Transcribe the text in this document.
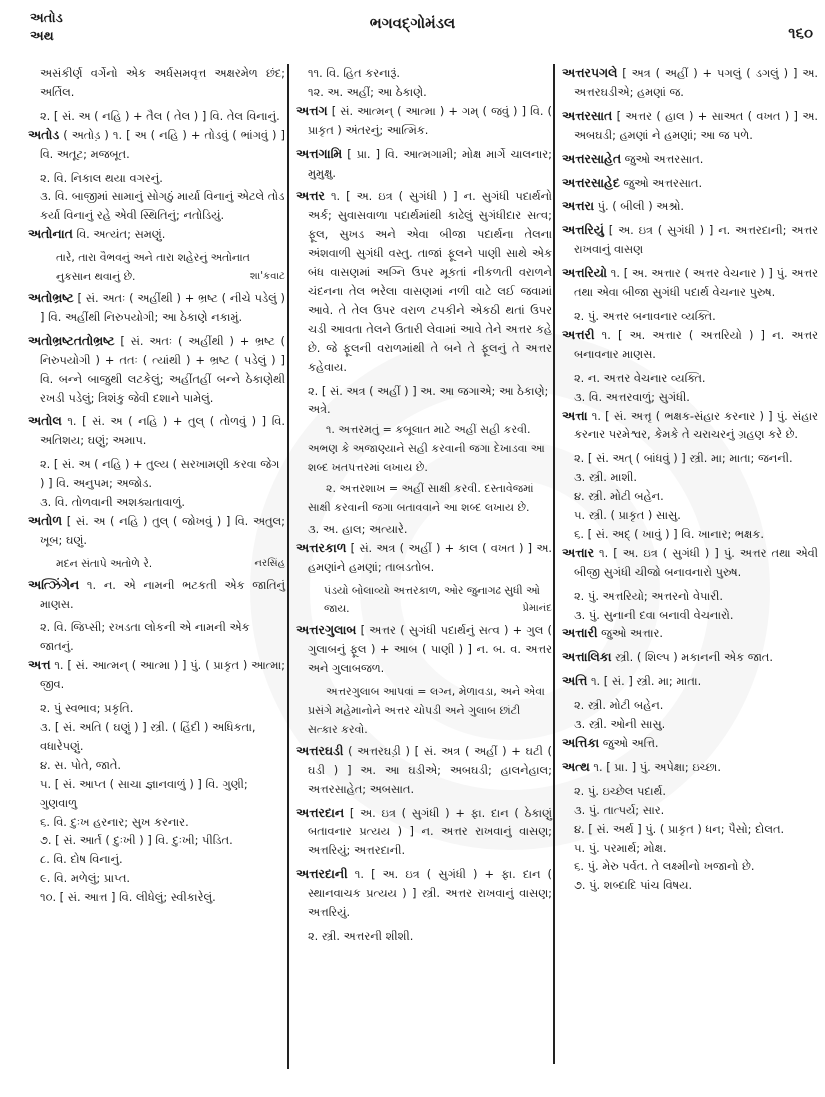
અતોડ
અથ
ભગવદ્ગોમંડલ
૧૬૦
અસંકીર્ણ વર્ગેનો એક અર્ધસમવૃત્ત અક્ષરમેળ છંદ; અર્તિલ.
૨. [ સં. અ ( નહિ ) + તૈલ ( તેલ ) ] વિ. તેલ વિનાનું.
અતોડ ( અતોડ઼ ) ૧. [ અ ( નહિ ) + તોડવું ( ભાંગવું ) ] વિ. અતૂટ; મજબૂત.
૨. વિ. નિકાલ થયા વગરનું.
૩. વિ. બાજીમાં સામાનું સોગઠું માર્યા વિનાનું એટલે તોડ કર્યા વિનાનું રહે એવી સ્થિતિનું; નતોડિયું.
અતોનાત વિ. અત્યંત; સમણું.
તારે, તારા વૈભવનું અને તારા શહેરનું અતોનાત નુકસાન થવાનું છે.	શા'કવાટ
અતોભ્રષ્ટ [ સં. અતઃ ( અહીંથી ) + ભ્રષ્ટ ( નીચે પડેલું ) ] વિ. અહીંથી નિરુપયોગી; આ ઠેકાણે નકામું.
અતોભ્રષ્ટતતોભ્રષ્ટ [ સં. અતઃ ( અહીંથી ) + ભ્રષ્ટ ( નિરુપયોગી ) + તતઃ ( ત્યાંથી ) + ભ્રષ્ટ ( પડેલું ) ] વિ. બન્ને બાજુથી લટકેલું; અહીંતહીં બન્ને ઠેકાણેથી રખડી પડેલું; ત્રિશંકુ જેવી દશાને પામેલું.
અતોલ ૧. [ સં. અ ( નહિ ) + તુલ્ ( તોળવું ) ] વિ. અતિશય; ઘણું; અમાપ.
૨. [ સં. અ ( નહિ ) + તુલ્ય ( સરખામણી કરવા જેગ ) ] વિ. અનુપમ; અજોડ.
૩. વિ. તોળવાની અશક્યતાવાળું.
અતોળ [ સં. અ ( નહિ ) તુલ્ ( જોખવું ) ] વિ. અતુલ; ખૂબ; ઘણું.
મદન સંતાપે અતોળે રે.	નરસિંહ
અત્ઝિંગેન ૧. ન. એ નામની ભટકતી એક જાતિનું માણસ.
૨. વિ. જિપ્સી; રખડતા લોકની એ નામની એક જાતનું.
અત્ત ૧. [ સં. આત્મન્ ( આત્મા ) ] પું. ( પ્રાકૃત ) આત્મા; જીવ.
૨. પું સ્વભાવ; પ્રકૃતિ.
૩. [ સં. અતિ ( ઘણું ) ] સ્ત્રી. ( હિંદી ) અધિકતા, વધારેપણું.
૪. સ. પોતે, જાતે.
૫. [ સં. આપ્ત ( સાચા જ્ઞાનવાળું ) ] વિ. ગુણી; ગુણવાળુ
૬. વિ. દુઃખ હરનાર; સુખ કરનાર.
૭. [ સં. આર્ત ( દુઃખી ) ] વિ. દુઃખી; પીડિત.
૮. વિ. દોષ વિનાનું.
૯. વિ. મળેલું; પ્રાપ્ત.
૧૦. [ સં. આત્ત ] વિ. લીધેલું; સ્વીકારેલું.
૧૧. વિ. હિત કરનારૂં.
૧૨. અ. અહીં; આ ઠેકાણે.
અત્તગ [ સં. આત્મન્ ( આત્મા ) + ગમ્ ( જવું ) ] વિ. ( પ્રાકૃત ) અંતરનું; આત્મિક.
અત્તગામિ [ પ્રા. ] વિ. આત્મગામી; મોક્ષ માર્ગે ચાલનાર; મુમુક્ષુ.
અત્તર ૧. [ અ. ઇત્ર ( સુગંધી ) ] ન. સુગંધી પદાર્થનો અર્ક; સુવાસવાળા પદાર્થમાંથી કાઢેલું સુગંધીદાર સત્વ; ફૂલ, સુખડ અને એવા બીજા પદાર્થના તેલના અંશવાળી સુગંધી વસ્તુ. તાજાં ફૂલને પાણી સાથે એક બંધ વાસણમાં અગ્નિ ઉપર મૂકતાં નીકળતી વરાળને ચંદનના તેલ ભરેલા વાસણમાં નળી વાટે લઈ જવામાં આવે. તે તેલ ઉપર વરાળ ટપકીને એકઠી થતાં ઉપર ચડી આવતા તેલને ઉતારી લેવામાં આવે તેને અત્તર કહે છે. જે ફૂલની વરાળમાંથી તે બને તે ફૂલનું તે અત્તર કહેવાય.
૨. [ સં. અત્ર ( અહીં ) ] અ. આ જગાએ; આ ઠેકાણે; અત્રે.
૧. અત્તરમતું = કબૂલાત માટે અહીં સહી કરવી. અભણ કે અજાણ્યાને સહી કરવાની જગા દેખાડવા આ શબ્દ ખતપત્તરમાં લખાય છે.
૨. અત્તરશાખ = અહીં સાક્ષી કરવી. દસ્તાવેજમાં સાક્ષી કરવાની જગા બતાવવાને આ શબ્દ લખાય છે.
૩. અ. હાલ; અત્યારે.
અત્તરકાળ [ સં. અત્ર ( અહીં ) + કાલ ( વખત ) ] અ. હમણાંને હમણાં; તાબડતોબ.
પંડયો બોલાવ્યો અત્તરકાળ, ઓર જુનાગઢ સુધી ઓ જાય.	પ્રેમાનંદ
અત્તરગુલાબ [ અત્તર ( સુગંધી પદાર્થનું સત્વ ) + ગુલ ( ગુલાબનું ફૂલ ) + આબ ( પાણી ) ] ન. બ. વ. અત્તર અને ગુલાબજળ.
અત્તરગુલાબ આપવાં = લગ્ન, મેળાવડા, અને એવા પ્રસંગે મહેમાનોને અત્તર ચોપડી અને ગુલાબ છાંટી સત્કાર કરવો.
અત્તરઘડી ( અત્તરઘડ઼ી ) [ સં. અત્ર ( અહીં ) + ઘટી ( ઘડી ) ] અ. આ ઘડીએ; અબઘડી; હાલનેહાલ; અત્તરસાહેત; અબસાત.
અત્તરદાન [ અ. ઇત્ર ( સુગંધી ) + ફા. દાન ( ઠેકાણું બતાવનાર પ્રત્યય ) ] ન. અત્તર રાખવાનું વાસણ; અત્તરિયું; અત્તરદાની.
અત્તરદાની ૧. [ અ. ઇત્ર ( સુગંધી ) + ફા. દાન ( સ્થાનવાચક પ્રત્યય ) ] સ્ત્રી. અત્તર રાખવાનું વાસણ; અત્તરિયું.
૨. સ્ત્રી. અત્તરની શીશી.
અત્તરપગલે [ અત્ર ( અહીં ) + પગલું ( ડગલું ) ] અ. અત્તરઘડીએ; હમણાં જ.
અત્તરસાત [ અત્તર ( હાલ ) + સાઅત ( વખત ) ] અ. અબઘડી; હમણાં ને હમણાં; આ જ પળે.
અત્તરસાહેત જુઓ અત્તરસાત.
અત્તરસાહેદ જુઓ અત્તરસાત.
અત્તરા પું. ( બીલી ) અશ્રો.
અત્તરિયું [ અ. ઇત્ર ( સુગંધી ) ] ન. અત્તરદાની; અત્તર રાખવાનું વાસણ
અત્તરિયો ૧. [ અ. અત્તાર ( અત્તર વેચનાર ) ] પું. અત્તર તથા એવા બીજા સુગંધી પદાર્થ વેચનાર પુરુષ.
૨. પું. અત્તર બનાવનાર વ્યક્તિ.
અત્તરી ૧. [ અ. અત્તાર ( અત્તરિયો ) ] ન. અત્તર બનાવનાર માણસ.
૨. ન. અત્તર વેચનાર વ્યક્તિ.
૩. વિ. અત્તરવાળું; સુગંધી.
અત્તા ૧. [ સં. અત્તૃ ( ભક્ષક-સંહાર કરનાર ) ] પું. સંહાર કરનાર પરમેશ્વર, કેમકે તે ચરાચરનું ગ્રહણ કરે છે.
૨. [ સં. અત્ ( બાંધવું ) ] સ્ત્રી. મા; માતા; જનની.
૩. સ્ત્રી. માશી.
૪. સ્ત્રી. મોટી બહેન.
૫. સ્ત્રી. ( પ્રાકૃત ) સાસુ.
૬. [ સં. અદ્ ( ખાવું ) ] વિ. ખાનાર; ભક્ષક.
અત્તાર ૧. [ અ. ઇત્ર ( સુગંધી ) ] પું. અત્તર તથા એવી બીજી સુગંધી ચીજો બનાવનારો પુરુષ.
૨. પું. અત્તરિયો; અત્તરનો વેપારી.
૩. પું. સુનાની દવા બનાવી વેચનારો.
અત્તારી જુઓ અત્તાર.
અત્તાલિકા સ્ત્રી. ( શિલ્પ ) મકાનની એક જાત.
અત્તિ ૧. [ સં. ] સ્ત્રી. મા; માતા.
૨. સ્ત્રી. મોટી બહેન.
૩. સ્ત્રી. ઓની સાસુ.
અત્તિકા જુઓ અત્તિ.
અત્થ ૧. [ પ્રા. ] પું. અપેક્ષા; ઇચ્છા.
૨. પું. ઇચ્છેલ પદાર્થ.
૩. પું. તાત્પર્ય; સાર.
૪. [ સં. અર્થ ] પું. ( પ્રાકૃત ) ધન; પૈસો; દોલત.
૫. પું. પરમાર્થ; મોક્ષ.
૬. પું. મેરુ પર્વત. તે લક્ષ્મીનો ખજાનો છે.
૭. પું. શબ્દાદિ પાંચ વિષય.
